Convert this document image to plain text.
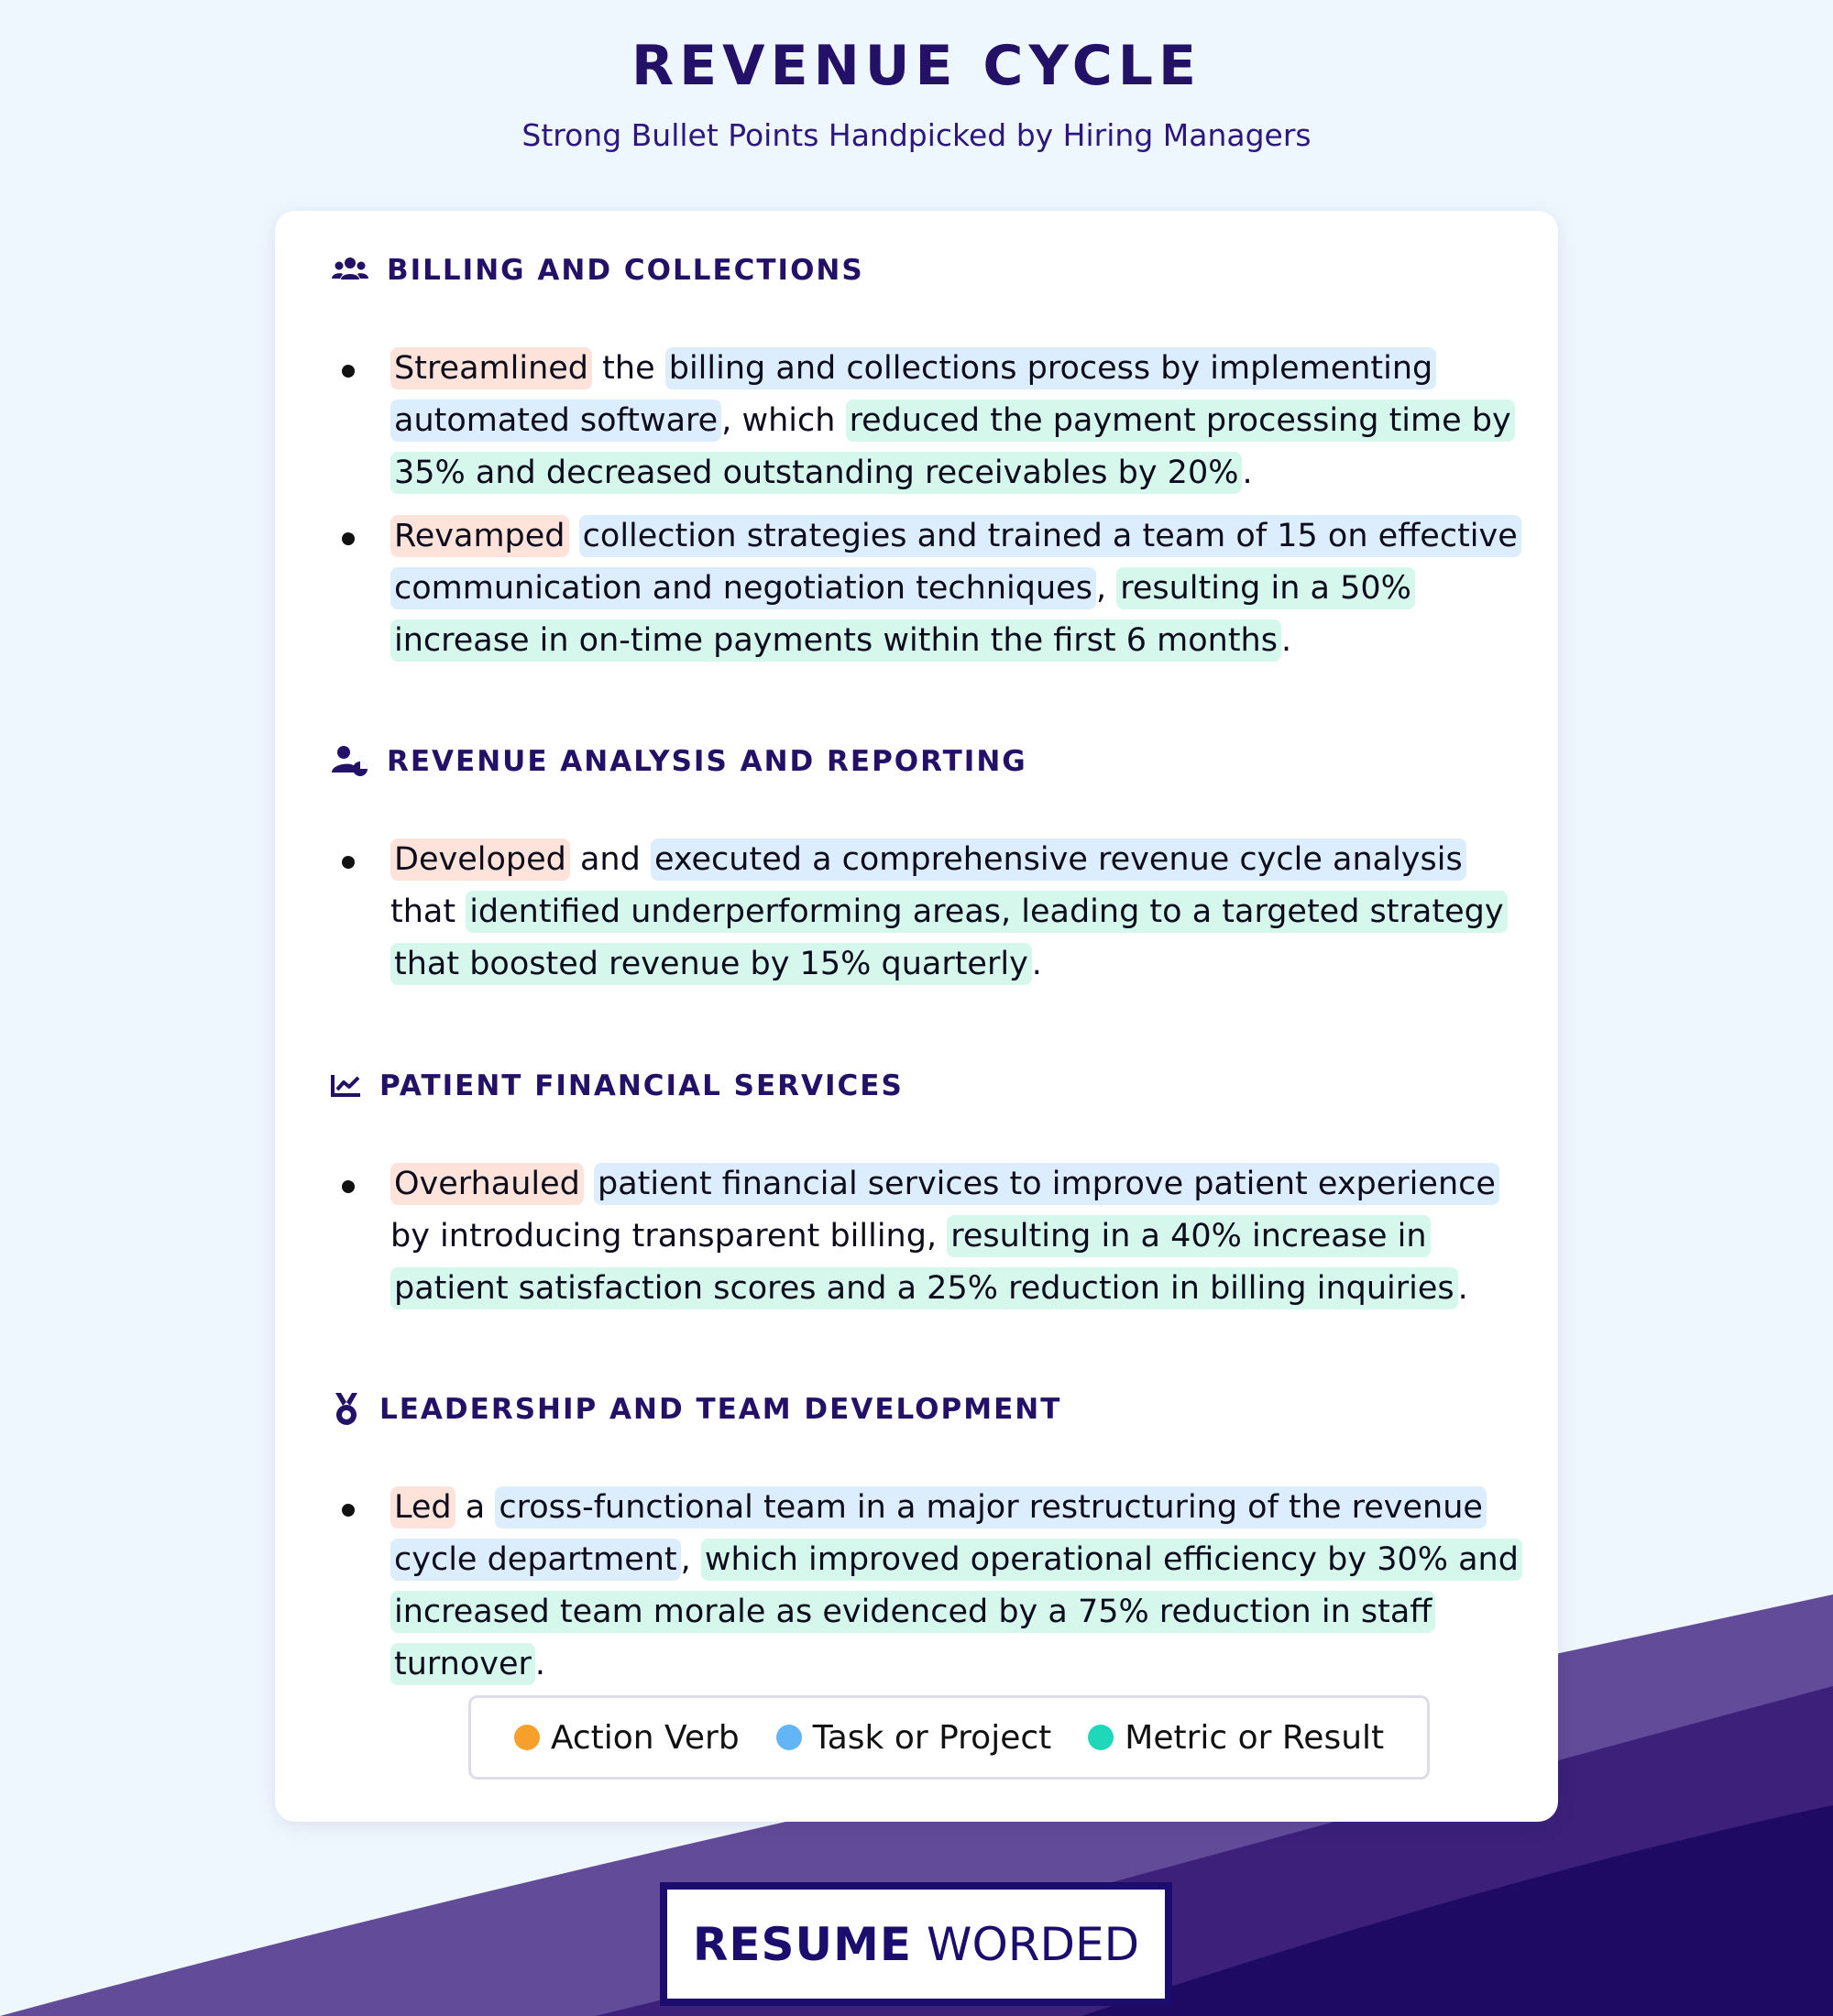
REVENUE CYCLE
Strong Bullet Points Handpicked by Hiring Managers
BILLING AND COLLECTIONS
Streamlined the billing and collections process by implementing automated software , which reduced the payment processing time by 35% and decreased outstanding receivables by 20% .
Revamped collection strategies and trained a team of 15 on effective communication and negotiation techniques , resulting in a 50% increase in on-time payments within the first 6 months .
REVENUE ANALYSIS AND REPORTING
Developed and executed a comprehensive revenue cycle analysis that identified underperforming areas, leading to a targeted strategy that boosted revenue by 15% quarterly .
PATIENT FINANCIAL SERVICES
Overhauled patient financial services to improve patient experience by introducing transparent billing, resulting in a 40% increase in patient satisfaction scores and a 25% reduction in billing inquiries .
LEADERSHIP AND TEAM DEVELOPMENT
Led a cross-functional team in a major restructuring of the revenue cycle department , which improved operational efficiency by 30% and increased team morale as evidenced by a 75% reduction in staff turnover .
Action Verb Task or Project Metric or Result
RESUME WORDED
